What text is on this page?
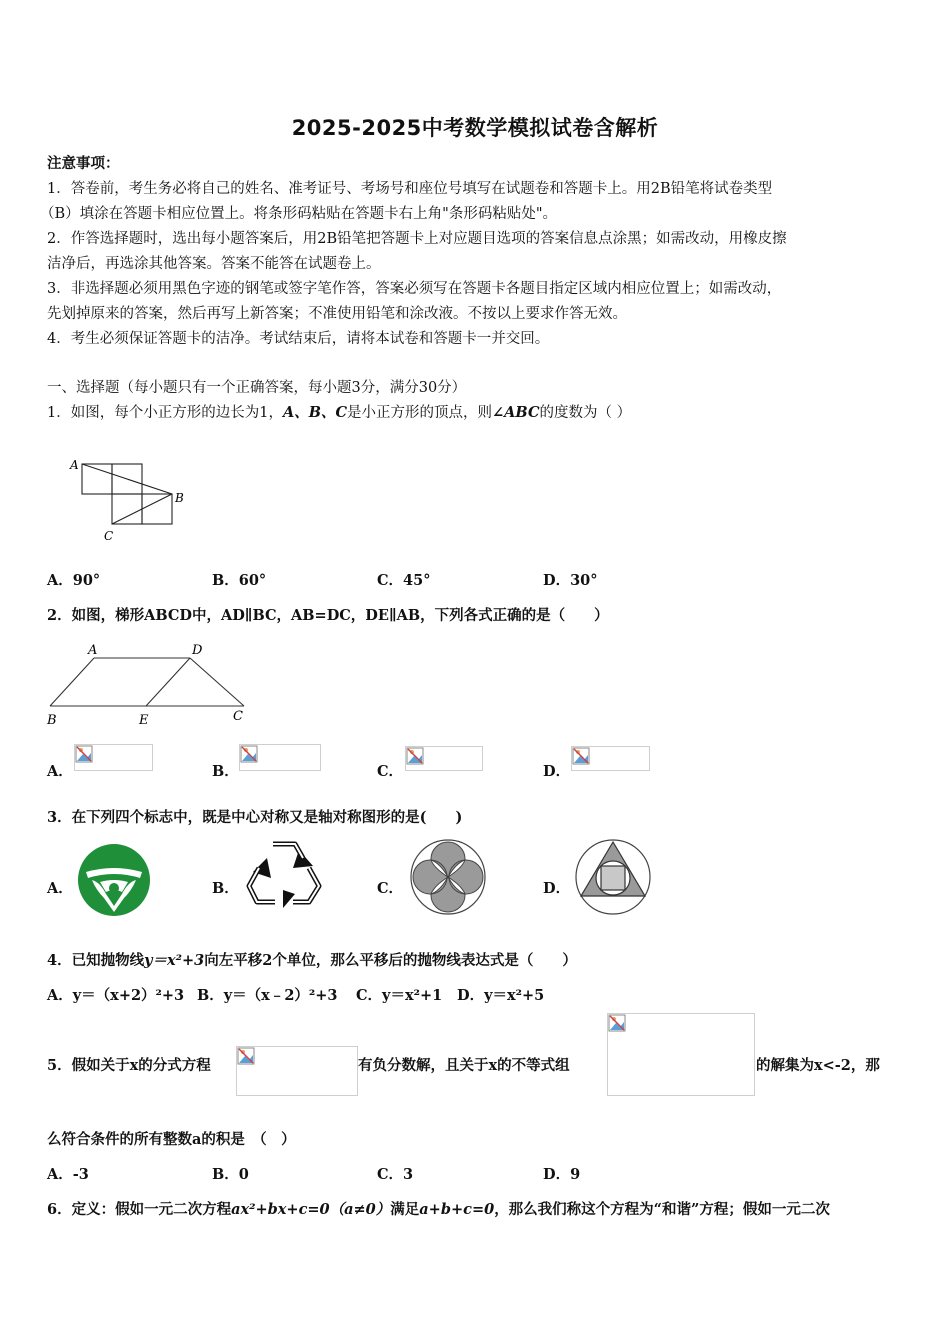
2025-2025中考数学模拟试卷含解析
注意事项：
1．答卷前，考生务必将自己的姓名、准考证号、考场号和座位号填写在试题卷和答题卡上。用2B铅笔将试卷类型
（B）填涂在答题卡相应位置上。将条形码粘贴在答题卡右上角"条形码粘贴处"。
2．作答选择题时，选出每小题答案后，用2B铅笔把答题卡上对应题目选项的答案信息点涂黑；如需改动，用橡皮擦
洁净后，再选涂其他答案。答案不能答在试题卷上。
3．非选择题必须用黑色字迹的钢笔或签字笔作答，答案必须写在答题卡各题目指定区域内相应位置上；如需改动，
先划掉原来的答案，然后再写上新答案；不准使用铅笔和涂改液。不按以上要求作答无效。
4．考生必须保证答题卡的洁净。考试结束后，请将本试卷和答题卡一并交回。
一、选择题（每小题只有一个正确答案，每小题3分，满分30分）
1．如图，每个小正方形的边长为1，A、B、C是小正方形的顶点，则∠ABC的度数为（ ）
A
B
C
A．90°	B．60°	C．45°	D．30°
2．如图，梯形ABCD中，AD∥BC，AB=DC，DE∥AB，下列各式正确的是（　　）
A	D
B	E	C
A．	B．	C．	D．
3．在下列四个标志中，既是中心对称又是轴对称图形的是(　　)
A．	B．	C．	D．
4．已知抛物线y＝x²+3向左平移2个单位，那么平移后的抛物线表达式是（　　）
A．y＝（x+2）²+3 B．y＝（x﹣2）²+3 C．y＝x²+1 D．y＝x²+5
5．假如关于x的分式方程	有负分数解，且关于x的不等式组	的解集为x<-2，那
么符合条件的所有整数a的积是　（　）
A．-3	B．0	C．3	D．9
6．定义：假如一元二次方程ax²+bx+c=0（a≠0）满足a+b+c=0，那么我们称这个方程为“和谐”方程；假如一元二次
